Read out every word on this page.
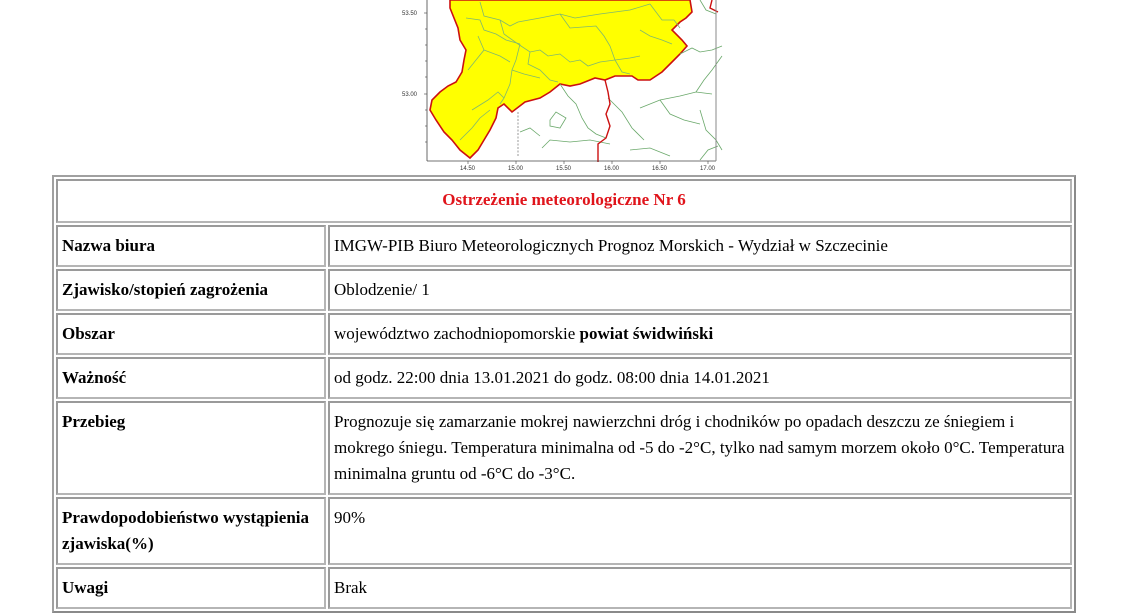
53.50
53.00
14.50	15.00	15.50	16.00	16.50	17.00
Ostrzeżenie meteorologiczne Nr 6	
Nazwa biura	IMGW-PIB Biuro Meteorologicznych Prognoz Morskich - Wydział w Szczecinie
Zjawisko/stopień zagrożenia	Oblodzenie/ 1
Obszar	województwo zachodniopomorskie powiat świdwiński
Ważność	od godz. 22:00 dnia 13.01.2021 do godz. 08:00 dnia 14.01.2021
Przebieg	Prognozuje się zamarzanie mokrej nawierzchni dróg i chodników po opadach deszczu ze śniegiem i mokrego śniegu. Temperatura minimalna od -5 do -2°C, tylko nad samym morzem około 0°C. Temperatura minimalna gruntu od -6°C do -3°C.
Prawdopodobieństwo wystąpienia zjawiska(%)	90%
Uwagi	Brak
